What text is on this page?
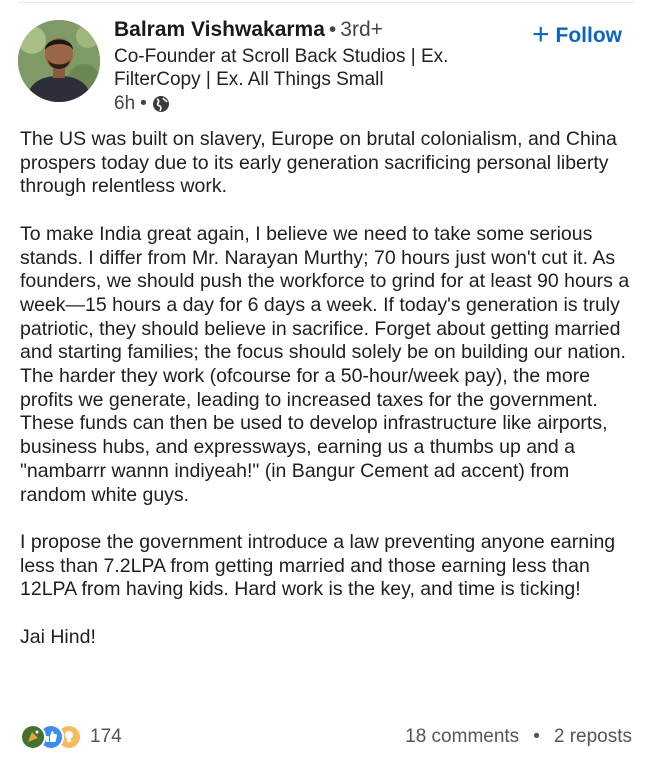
Balram Vishwakarma • 3rd+
Co-Founder at Scroll Back Studios | Ex. FilterCopy | Ex. All Things Small
6h •
+ Follow

The US was built on slavery, Europe on brutal colonialism, and China prospers today due to its early generation sacrificing personal liberty through relentless work.

To make India great again, I believe we need to take some serious stands. I differ from Mr. Narayan Murthy; 70 hours just won't cut it. As founders, we should push the workforce to grind for at least 90 hours a week—15 hours a day for 6 days a week. If today's generation is truly patriotic, they should believe in sacrifice. Forget about getting married and starting families; the focus should solely be on building our nation. The harder they work (ofcourse for a 50-hour/week pay), the more profits we generate, leading to increased taxes for the government. These funds can then be used to develop infrastructure like airports, business hubs, and expressways, earning us a thumbs up and a "nambarrr wannn indiyeah!" (in Bangur Cement ad accent) from random white guys.

I propose the government introduce a law preventing anyone earning less than 7.2LPA from getting married and those earning less than 12LPA from having kids. Hard work is the key, and time is ticking!

Jai Hind!

174	18 comments • 2 reposts
